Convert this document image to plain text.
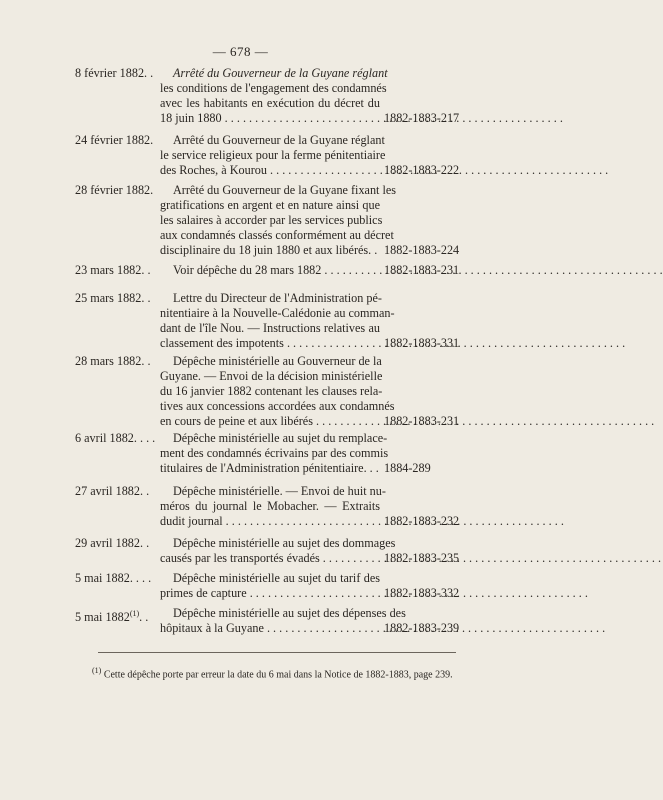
— 678 —
8 février 1882. .	Arrêté du Gouverneur de la Guyane réglant
les conditions de l'engagement des condamnés
avec les habitants en exécution du décret du
18 juin 1880 . . .	1882-1883-217
24 février 1882.	Arrêté du Gouverneur de la Guyane réglant
le service religieux pour la ferme pénitentiaire
des Roches, à Kourou . . .	1882-1883-222
28 février 1882.	Arrêté du Gouverneur de la Guyane fixant les
gratifications en argent et en nature ainsi que
les salaires à accorder par les services publics
aux condamnés classés conformément au décret
disciplinaire du 18 juin 1880 et aux libérés. . 1882-1883-224
23 mars 1882. .	Voir dépêche du 28 mars 1882 . . .	1882-1883-231
25 mars 1882. .	Lettre du Directeur de l'Administration pé-
nitentiaire à la Nouvelle-Calédonie au comman-
dant de l'île Nou. — Instructions relatives au
classement des impotents . . .	1882-1883-331
28 mars 1882. .	Dépêche ministérielle au Gouverneur de la
Guyane. — Envoi de la décision ministérielle
du 16 janvier 1882 contenant les clauses rela-
tives aux concessions accordées aux condamnés
en cours de peine et aux libérés . . .	1882-1883-231
6 avril 1882. . . .	Dépêche ministérielle au sujet du remplace-
ment des condamnés écrivains par des commis
titulaires de l'Administration pénitentiaire. . . 1884-289
27 avril 1882. .	Dépêche ministérielle. — Envoi de huit nu-
méros du journal le Mobacher. — Extraits
dudit journal . . .	1882-1883-232
29 avril 1882. .	Dépêche ministérielle au sujet des dommages
causés par les transportés évadés . . .	1882-1883-235
5 mai 1882. . . .	Dépêche ministérielle au sujet du tarif des
primes de capture . . .	1882-1883-332
5 mai 1882$^{(1)}$. .	Dépêche ministérielle au sujet des dépenses des
hôpitaux à la Guyane . . .	1882-1883-239
$^{(1)}$ Cette dépêche porte par erreur la date du 6 mai dans la Notice de 1882-1883, page 239.
